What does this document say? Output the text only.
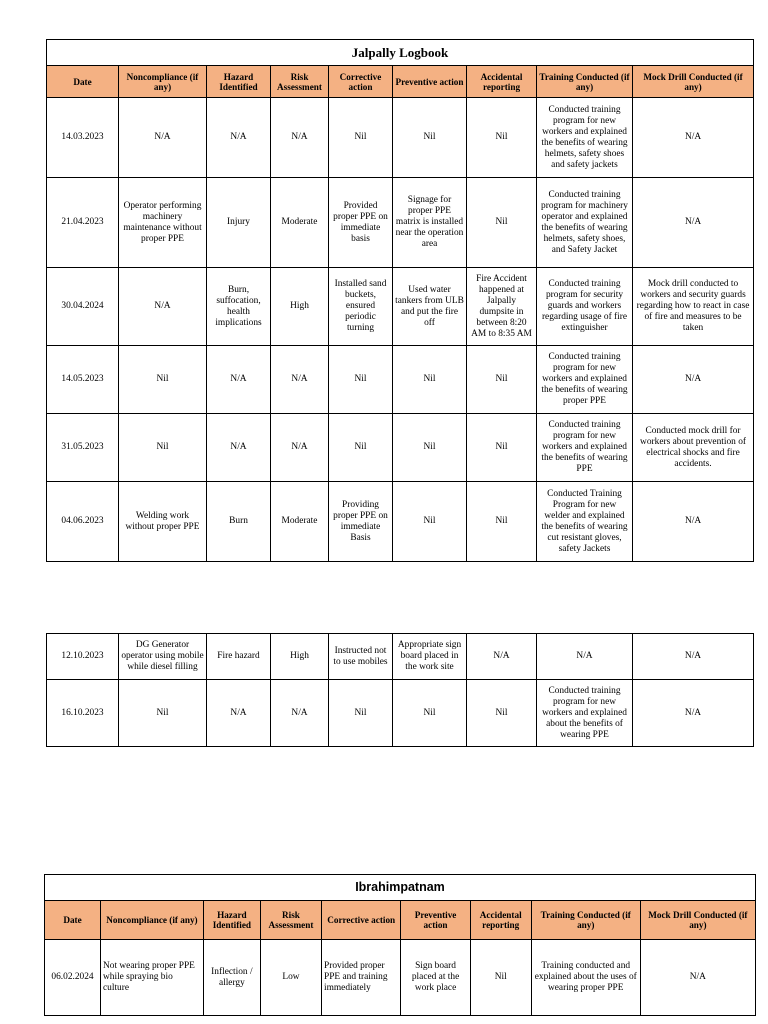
Jalpally Logbook								
Date	Noncompliance (if any)	Hazard Identified	Risk Assessment	Corrective action	Preventive action	Accidental reporting	Training Conducted (if any)	Mock Drill Conducted (if any)
14.03.2023	N/A	N/A	N/A	Nil	Nil	Nil	Conducted training program for new workers and explained the benefits of wearing helmets, safety shoes and safety jackets	N/A
21.04.2023	Operator performing machinery maintenance without proper PPE	Injury	Moderate	Provided proper PPE on immediate basis	Signage for proper PPE matrix is installed near the operation area	Nil	Conducted training program for machinery operator and explained the benefits of wearing helmets, safety shoes, and Safety Jacket	N/A
30.04.2024	N/A	Burn, suffocation, health implications	High	Installed sand buckets, ensured periodic turning	Used water tankers from ULB and put the fire off	Fire Accident happened at Jalpally dumpsite in between 8:20 AM to 8:35 AM	Conducted training program for security guards and workers regarding usage of fire extinguisher	Mock drill conducted to workers and security guards regarding how to react in case of fire and measures to be taken
14.05.2023	Nil	N/A	N/A	Nil	Nil	Nil	Conducted training program for new workers and explained the benefits of wearing proper PPE	N/A
31.05.2023	Nil	N/A	N/A	Nil	Nil	Nil	Conducted training program for new workers and explained the benefits of wearing PPE	Conducted mock drill for workers about prevention of electrical shocks and fire accidents.
04.06.2023	Welding work without proper PPE	Burn	Moderate	Providing proper PPE on immediate Basis	Nil	Nil	Conducted Training Program for new welder and explained the benefits of wearing cut resistant gloves, safety Jackets	N/A
12.10.2023	DG Generator operator using mobile while diesel filling	Fire hazard	High	Instructed not to use mobiles	Appropriate sign board placed in the work site	N/A	N/A	N/A
16.10.2023	Nil	N/A	N/A	Nil	Nil	Nil	Conducted training program for new workers and explained about the benefits of wearing PPE	N/A
Ibrahimpatnam								
Date	Noncompliance (if any)	Hazard Identified	Risk Assessment	Corrective action	Preventive action	Accidental reporting	Training Conducted (if any)	Mock Drill Conducted (if any)
06.02.2024	Not wearing proper PPE while spraying bio culture	Inflection / allergy	Low	Provided proper PPE and training immediately	Sign board placed at the work place	Nil	Training conducted and explained about the uses of wearing proper PPE	N/A
